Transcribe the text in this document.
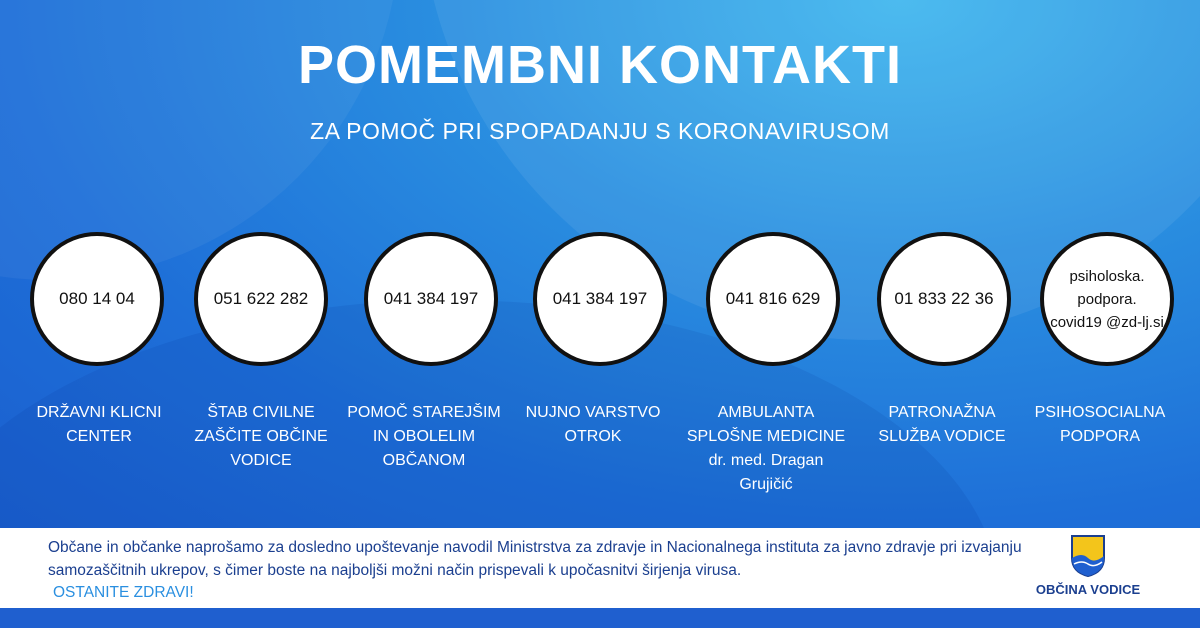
POMEMBNI KONTAKTI
ZA POMOČ PRI SPOPADANJU S KORONAVIRUSOM
080 14 04
DRŽAVNI KLICNI CENTER
051 622 282
ŠTAB CIVILNE ZAŠČITE OBČINE VODICE
041 384 197
POMOČ STAREJŠIM IN OBOLELIM OBČANOM
041 384 197
NUJNO VARSTVO OTROK
041 816 629
AMBULANTA SPLOŠNE MEDICINE
dr. med. Dragan Grujičić
01 833 22 36
PATRONAŽNA SLUŽBA VODICE
psiholoska. podpora. covid19 @zd-lj.si
PSIHOSOCIALNA PODPORA
Občane in občanke naprošamo za dosledno upoštevanje navodil Ministrstva za zdravje in Nacionalnega instituta za javno zdravje pri izvajanju samozaščitnih ukrepov, s čimer boste na najboljši možni način prispevali k upočasnitvi širjenja virusa.
OSTANITE ZDRAVI!	OBČINA VODICE
